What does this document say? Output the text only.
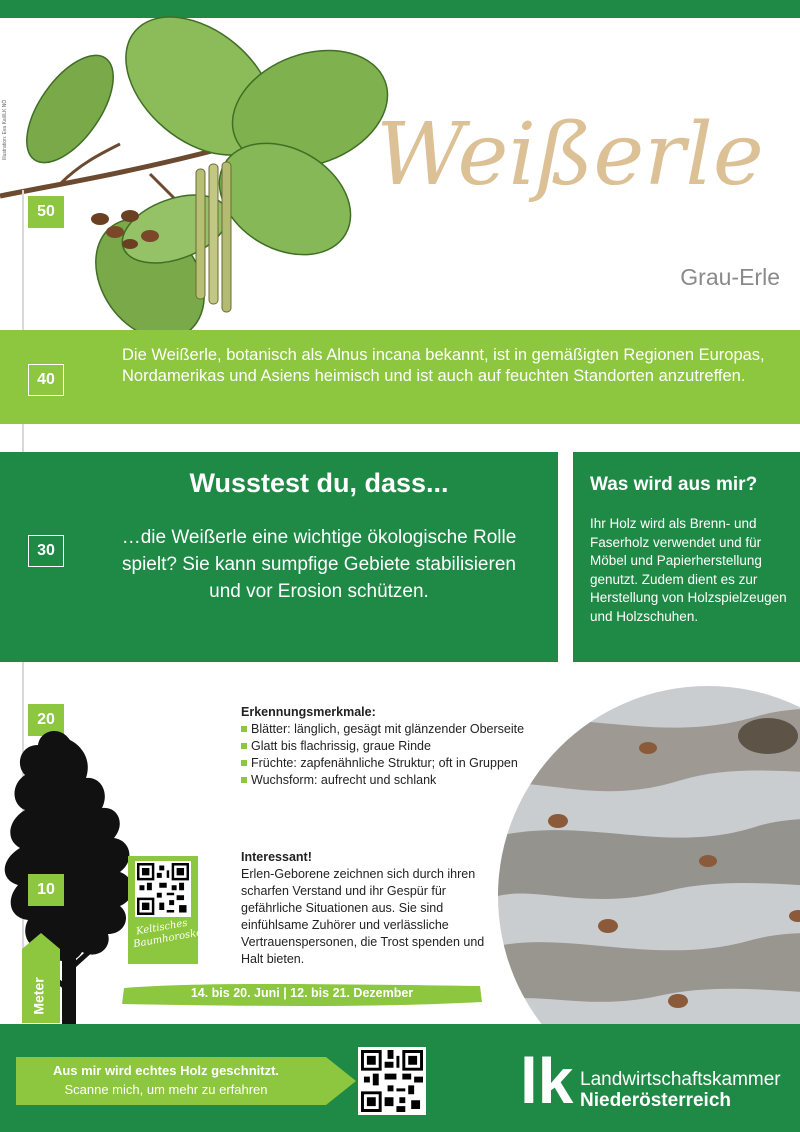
Illustration: Eva Kail/LK NÖ	Weißerle
Grau-Erle
50
40
Die Weißerle, botanisch als Alnus incana bekannt, ist in gemäßigten Regionen Europas, Nordamerikas und Asiens heimisch und ist auch auf feuchten Standorten anzutreffen.
Wusstest du, dass...

…die Weißerle eine wichtige ökologische Rolle spielt? Sie kann sumpfige Gebiete stabilisieren und vor Erosion schützen.

30
Was wird aus mir?

Ihr Holz wird als Brenn- und Faserholz verwendet und für Möbel und Papierherstellung genutzt. Zudem dient es zur Herstellung von Holzspielzeugen und Holzschuhen.

Erkennungsmerkmale:
Blätter: länglich, gesägt mit glänzender Oberseite
Glatt bis flachrissig, graue Rinde
Früchte: zapfenähnliche Struktur; oft in Gruppen
Wuchsform: aufrecht und schlank
Interessant!

Erlen-Geborene zeichnen sich durch ihren scharfen Verstand und ihr Gespür für gefährliche Situationen aus. Sie sind einfühlsame Zuhörer und verlässliche Vertrauenspersonen, die Trost spenden und Halt bieten.

20
10
Keltisches Baumhoroskop
Meter	14. bis 20. Juni | 12. bis 21. Dezember
Aus mir wird echtes Holz geschnitzt.
Scanne mich, um mehr zu erfahren	lk Landwirtschaftskammer
Niederösterreich
